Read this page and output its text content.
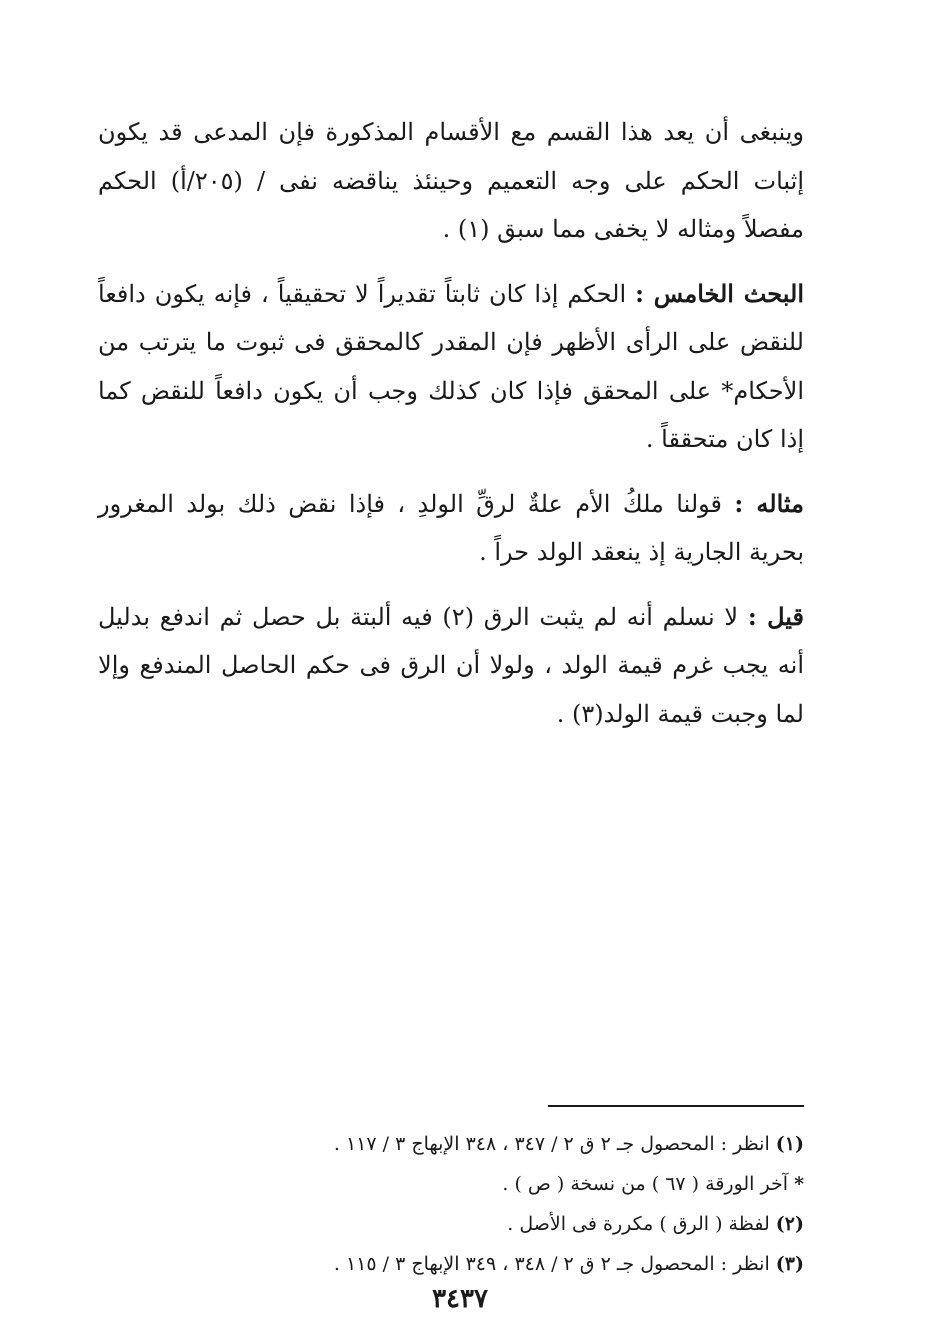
وينبغى أن يعد هذا القسم مع الأقسام المذكورة فإن المدعى قد يكون إثبات الحكم على وجه التعميم وحينئذ يناقضه نفى / (٢٠٥/أ) الحكم مفصلاً ومثاله لا يخفى مما سبق (١) .

البحث الخامس : الحكم إذا كان ثابتاً تقديراً لا تحقيقياً ، فإنه يكون دافعاً للنقض على الرأى الأظهر فإن المقدر كالمحقق فى ثبوت ما يترتب من الأحكام* على المحقق فإذا كان كذلك وجب أن يكون دافعاً للنقض كما إذا كان متحققاً .

مثاله : قولنا ملكُ الأم علةٌ لرقِّ الولدِ ، فإذا نقض ذلك بولد المغرور بحرية الجارية إذ ينعقد الولد حراً .

قيل : لا نسلم أنه لم يثبت الرق (٢) فيه ألبتة بل حصل ثم اندفع بدليل أنه يجب غرم قيمة الولد ، ولولا أن الرق فى حكم الحاصل المندفع وإلا لما وجبت قيمة الولد(٣) .

(١) انظر : المحصول جـ ٢ ق ٢ / ٣٤٧ ، ٣٤٨ الإبهاج ٣ / ١١٧ .

* آخر الورقة ( ٦٧ ) من نسخة ( ص ) .

(٢) لفظة ( الرق ) مكررة فى الأصل .

(٣) انظر : المحصول جـ ٢ ق ٢ / ٣٤٨ ، ٣٤٩ الإبهاج ٣ / ١١٥ .

٣٤٣٧
